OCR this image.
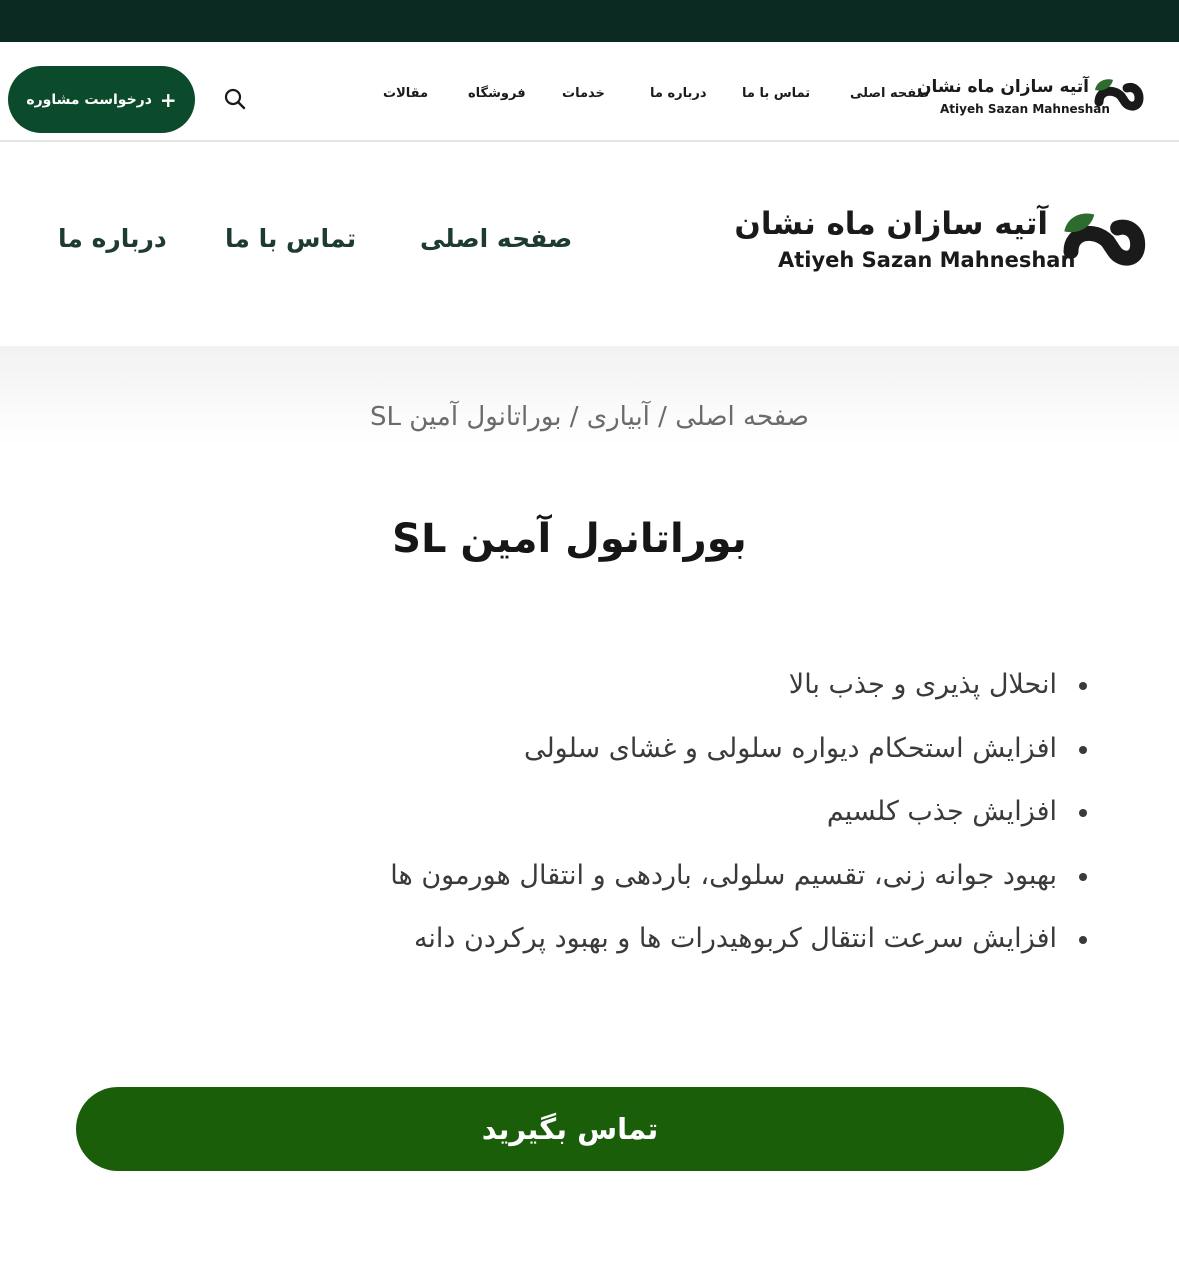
درخواست مشاوره +	صفحه اصلی
تماس با ما
درباره ما
خدمات
فروشگاه
مقالات	آتیه سازان ماه نشان
Atiyeh Sazan Mahneshan
صفحه اصلی
تماس با ما
درباره ما	آتیه سازان ماه نشان
Atiyeh Sazan Mahneshan
صفحه اصلی / آبیاری / بوراتانول آمین SL
بوراتانول آمین SL
انحلال پذیری و جذب بالا
افزایش استحکام دیواره سلولی و غشای سلولی
افزایش جذب کلسیم
بهبود جوانه زنی، تقسیم سلولی، باردهی و انتقال هورمون ها
افزایش سرعت انتقال کربوهیدرات ها و بهبود پرکردن دانه
تماس بگیرید
